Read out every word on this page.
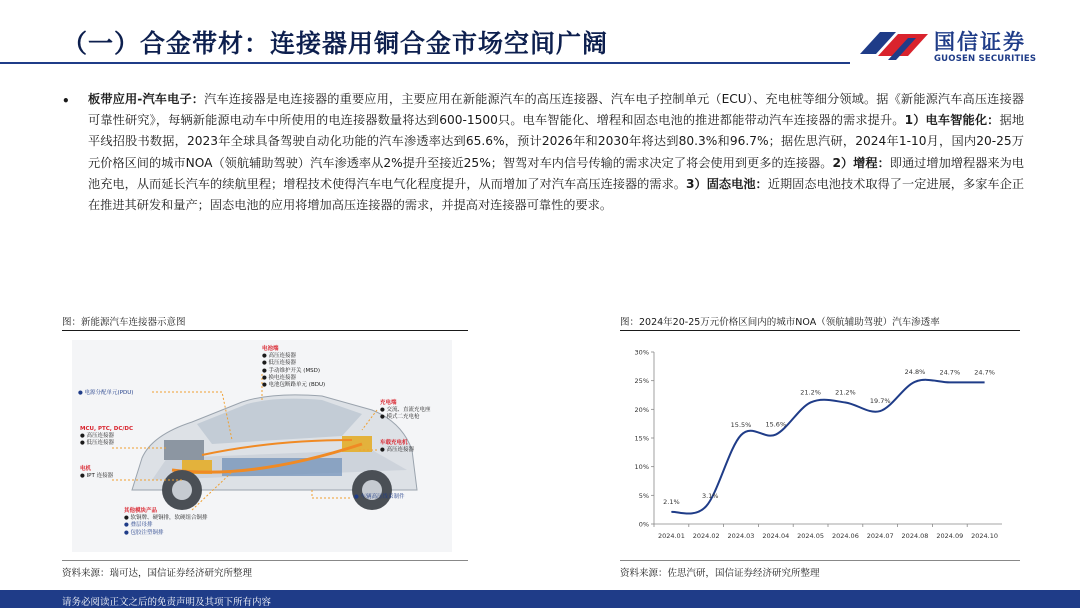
（一）合金带材：连接器用铜合金市场空间广阔	国信证券
GUOSEN SECURITIES
• 板带应用-汽车电子：汽车连接器是电连接器的重要应用，主要应用在新能源汽车的高压连接器、汽车电子控制单元（ECU）、充电桩等细分领域。据《新能源汽车高压连接器可靠性研究》，每辆新能源电动车中所使用的电连接器数量将达到600-1500只。电车智能化、增程和固态电池的推进都能带动汽车连接器的需求提升。1）电车智能化：据地平线招股书数据，2023年全球具备驾驶自动化功能的汽车渗透率达到65.6%，预计2026年和2030年将达到80.3%和96.7%；据佐思汽研，2024年1-10月，国内20-25万元价格区间的城市NOA（领航辅助驾驶）汽车渗透率从2%提升至接近25%；智驾对车内信号传输的需求决定了将会使用到更多的连接器。2）增程：即通过增加增程器来为电池充电，从而延长汽车的续航里程；增程技术使得汽车电气化程度提升，从而增加了对汽车高压连接器的需求。3）固态电池：近期固态电池技术取得了一定进展，多家车企正在推进其研发和量产；固态电池的应用将增加高压连接器的需求，并提高对连接器可靠性的要求。
图：新能源汽车连接器示意图
电池端
● 高压连接器
● 低压连接器
● 手动维护开关 (MSD)
● 换电连接器
● 电池包断路单元 (BDU)
● 电源分配单元(PDU)
MCU, PTC, DC/DC
● 高压连接器
● 低压连接器
电机
● IPT 连接器
充电端
● 交流、直流充电座
● 模式二充电枪
车载充电机
● 高压连接器
● 车辆高压线束制件
其他模块产品
● 软铜牌、硬铜排，软硬组合铜排
● 叠层母排
● 包胶注塑铜排
资料来源：瑞可达，国信证券经济研究所整理
图：2024年20-25万元价格区间内的城市NOA（领航辅助驾驶）汽车渗透率
0%
5%
10%
15%
20%
25%
30%
2024.01 2024.02 2024.03 2024.04 2024.05 2024.06 2024.07 2024.08 2024.09 2024.10
2.1%
3.1%
15.5% 15.6%
21.2% 21.2%
19.7%
24.8% 24.7% 24.7%
资料来源：佐思汽研，国信证券经济研究所整理
请务必阅读正文之后的免责声明及其项下所有内容
